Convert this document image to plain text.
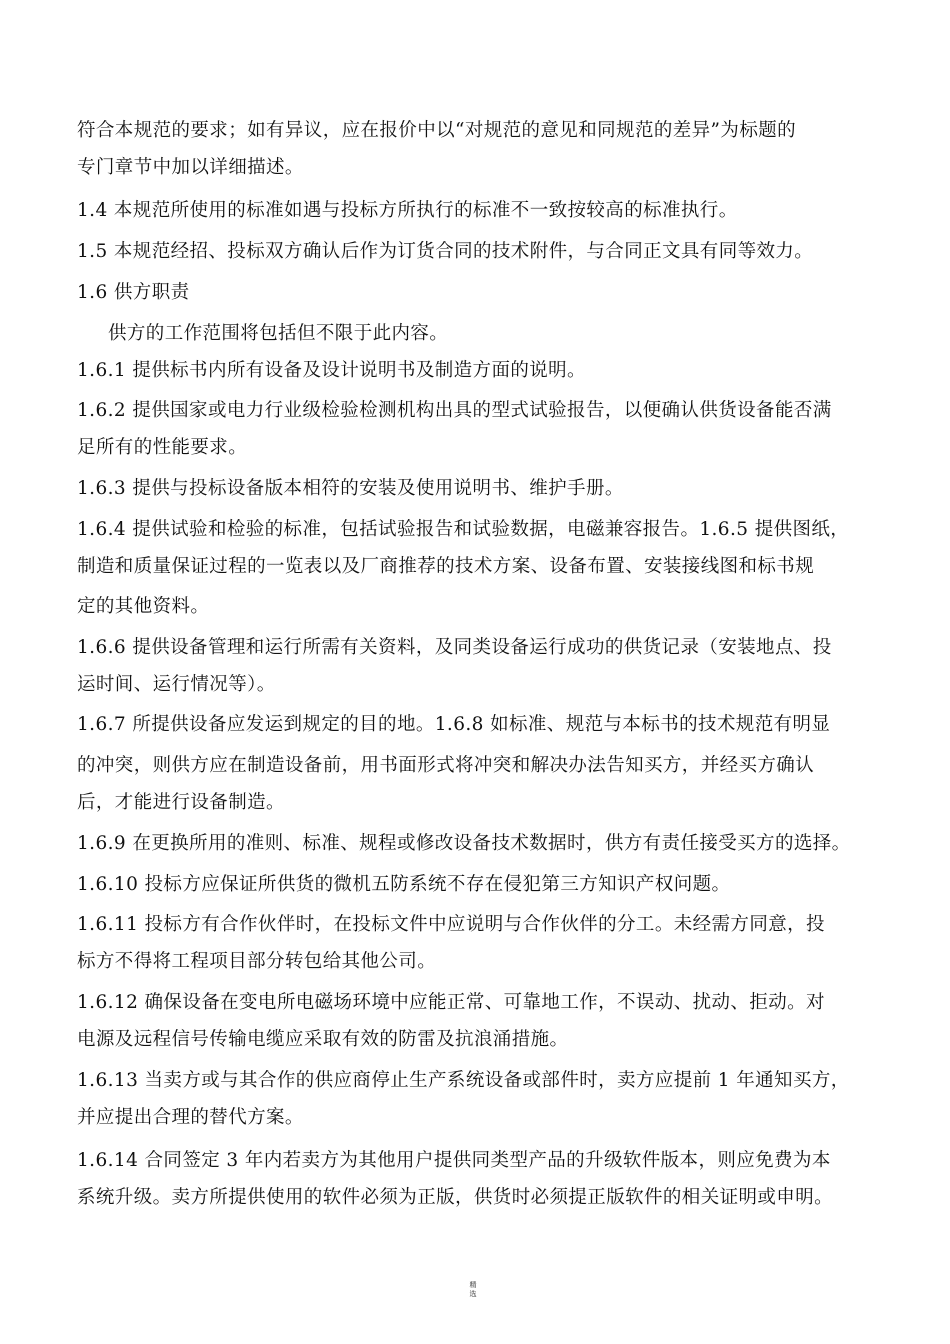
符合本规范的要求；如有异议，应在报价中以“对规范的意见和同规范的差异”为标题的
专门章节中加以详细描述。
1.4 本规范所使用的标准如遇与投标方所执行的标准不一致按较高的标准执行。
1.5 本规范经招、投标双方确认后作为订货合同的技术附件，与合同正文具有同等效力。
1.6 供方职责
供方的工作范围将包括但不限于此内容。
1.6.1 提供标书内所有设备及设计说明书及制造方面的说明。
1.6.2 提供国家或电力行业级检验检测机构出具的型式试验报告，以便确认供货设备能否满
足所有的性能要求。
1.6.3 提供与投标设备版本相符的安装及使用说明书、维护手册。
1.6.4 提供试验和检验的标准，包括试验报告和试验数据，电磁兼容报告。1.6.5 提供图纸，
制造和质量保证过程的一览表以及厂商推荐的技术方案、设备布置、安装接线图和标书规
定的其他资料。
1.6.6 提供设备管理和运行所需有关资料，及同类设备运行成功的供货记录（安装地点、投
运时间、运行情况等）。
1.6.7 所提供设备应发运到规定的目的地。1.6.8 如标准、规范与本标书的技术规范有明显
的冲突，则供方应在制造设备前，用书面形式将冲突和解决办法告知买方，并经买方确认
后，才能进行设备制造。
1.6.9 在更换所用的准则、标准、规程或修改设备技术数据时，供方有责任接受买方的选择。
1.6.10 投标方应保证所供货的微机五防系统不存在侵犯第三方知识产权问题。
1.6.11 投标方有合作伙伴时，在投标文件中应说明与合作伙伴的分工。未经需方同意，投
标方不得将工程项目部分转包给其他公司。
1.6.12 确保设备在变电所电磁场环境中应能正常、可靠地工作，不误动、扰动、拒动。对
电源及远程信号传输电缆应采取有效的防雷及抗浪涌措施。
1.6.13 当卖方或与其合作的供应商停止生产系统设备或部件时，卖方应提前 1 年通知买方，
并应提出合理的替代方案。
1.6.14 合同签定 3 年内若卖方为其他用户提供同类型产品的升级软件版本，则应免费为本
系统升级。卖方所提供使用的软件必须为正版，供货时必须提正版软件的相关证明或申明。
精
选
